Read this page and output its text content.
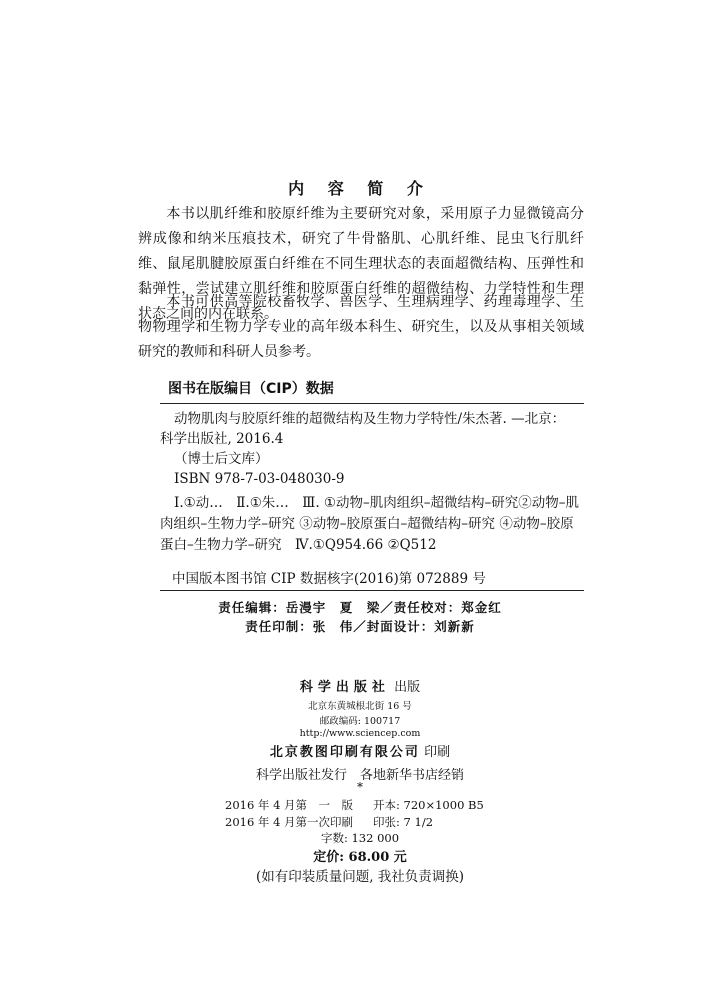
内 容 简 介
本书以肌纤维和胶原纤维为主要研究对象，采用原子力显微镜高分辨成像和纳米压痕技术，研究了牛骨骼肌、心肌纤维、昆虫飞行肌纤维、鼠尾肌腱胶原蛋白纤维在不同生理状态的表面超微结构、压弹性和黏弹性，尝试建立肌纤维和胶原蛋白纤维的超微结构、力学特性和生理状态之间的内在联系。
本书可供高等院校畜牧学、兽医学、生理病理学、药理毒理学、生物物理学和生物力学专业的高年级本科生、研究生，以及从事相关领域研究的教师和科研人员参考。
图书在版编目（CIP）数据
动物肌肉与胶原纤维的超微结构及生物力学特性/朱杰著. —北京：
科学出版社, 2016.4
（博士后文库）
ISBN 978-7-03-048030-9
Ⅰ.①动…　Ⅱ.①朱…　Ⅲ. ①动物–肌肉组织–超微结构–研究②动物–肌肉组织–生物力学–研究 ③动物–胶原蛋白–超微结构–研究 ④动物–胶原蛋白–生物力学–研究　Ⅳ.①Q954.66 ②Q512
中国版本图书馆 CIP 数据核字(2016)第 072889 号
责任编辑：岳漫宇　夏　梁／责任校对：郑金红
责任印制：张　伟／封面设计：刘新新
科学出版社 出版
北京东黄城根北街 16 号
邮政编码: 100717
http://www.sciencep.com
北京教图印刷有限公司 印刷
科学出版社发行　各地新华书店经销
*
2016 年 4 月第　一　版 开本: 720×1000 B5
2016 年 4 月第一次印刷 印张: 7 1/2
字数: 132 000
定价: 68.00 元
(如有印装质量问题, 我社负责调换)
